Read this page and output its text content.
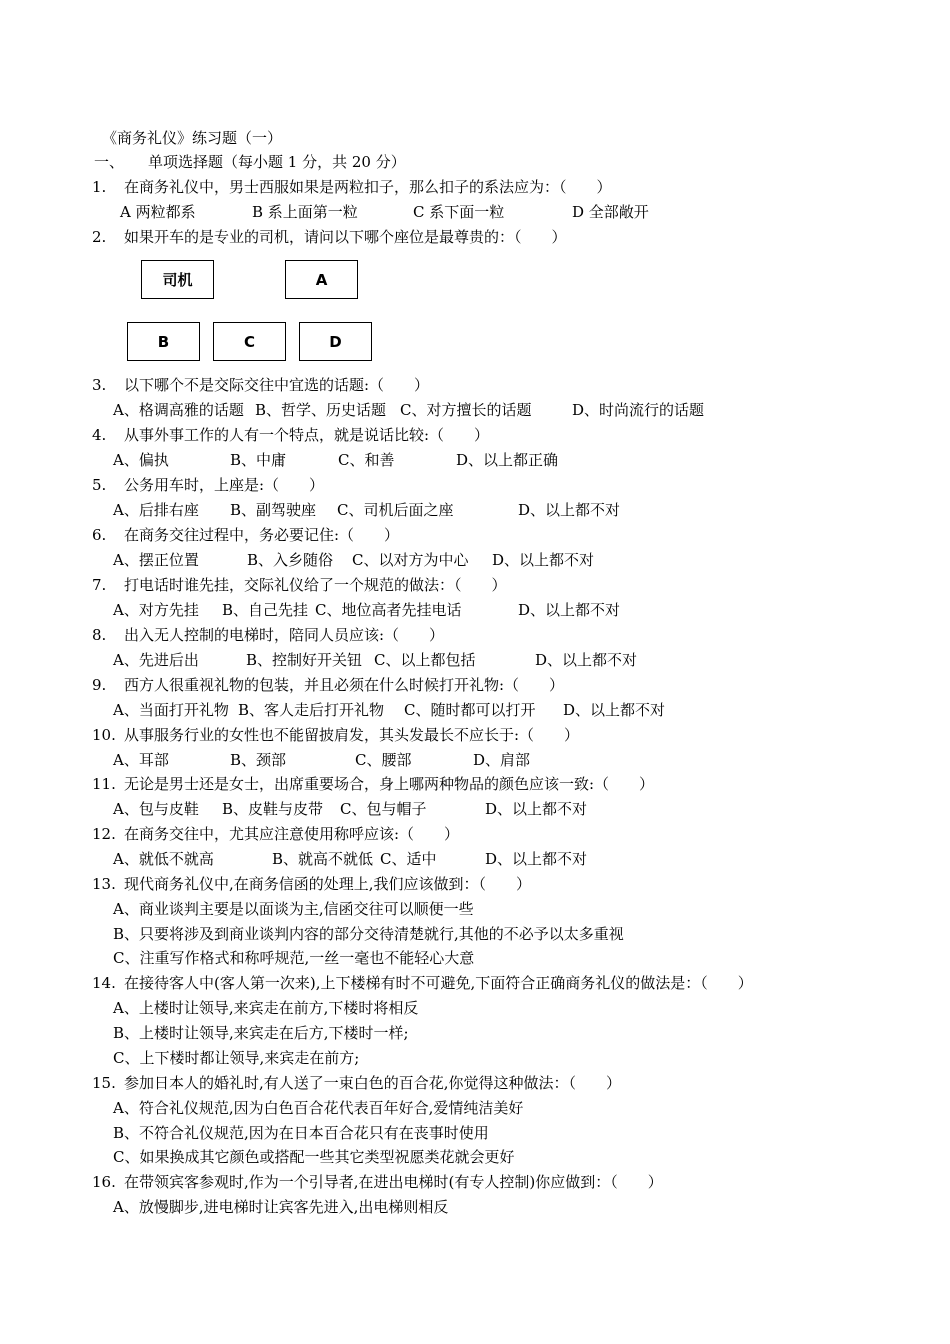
《商务礼仪》练习题（一）
一、 单项选择题（每小题 1 分，共 20 分）
1. 在商务礼仪中，男士西服如果是两粒扣子，那么扣子的系法应为：（　　）
A 两粒都系	B 系上面第一粒	C 系下面一粒	D 全部敞开
2. 如果开车的是专业的司机，请问以下哪个座位是最尊贵的：（　　）
司机	A
B	C	D
3. 以下哪个不是交际交往中宜选的话题:（　　）
A、格调高雅的话题 B、哲学、历史话题 C、对方擅长的话题	D、时尚流行的话题
4. 从事外事工作的人有一个特点，就是说话比较:（　　）
A、偏执	B、中庸	C、和善	D、以上都正确
5. 公务用车时，上座是:（　　）
A、后排右座 B、副驾驶座 C、司机后面之座	D、以上都不对
6. 在商务交往过程中，务必要记住:（　　）
A、摆正位置	B、入乡随俗 C、以对方为中心 D、以上都不对
7. 打电话时谁先挂，交际礼仪给了一个规范的做法：（　　）
A、对方先挂 B、自己先挂 C、地位高者先挂电话	D、以上都不对
8. 出入无人控制的电梯时，陪同人员应该:（　　）
A、先进后出	B、控制好开关钮 C、以上都包括	D、以上都不对
9. 西方人很重视礼物的包装，并且必须在什么时候打开礼物:（　　）
A、当面打开礼物 B、客人走后打开礼物 C、随时都可以打开 D、以上都不对
10. 从事服务行业的女性也不能留披肩发，其头发最长不应长于:（　　）
A、耳部	B、颈部	C、腰部	D、肩部
11. 无论是男士还是女士，出席重要场合，身上哪两种物品的颜色应该一致:（　　）
A、包与皮鞋 B、皮鞋与皮带 C、包与帽子	D、以上都不对
12. 在商务交往中，尤其应注意使用称呼应该:（　　）
A、就低不就高	B、就高不就低 C、适中	D、以上都不对
13. 现代商务礼仪中,在商务信函的处理上,我们应该做到：（　　）
A、商业谈判主要是以面谈为主,信函交往可以顺便一些
B、只要将涉及到商业谈判内容的部分交待清楚就行,其他的不必予以太多重视
C、注重写作格式和称呼规范,一丝一毫也不能轻心大意
14. 在接待客人中(客人第一次来),上下楼梯有时不可避免,下面符合正确商务礼仪的做法是：（　　）
A、上楼时让领导,来宾走在前方,下楼时将相反
B、上楼时让领导,来宾走在后方,下楼时一样;
C、上下楼时都让领导,来宾走在前方;
15. 参加日本人的婚礼时,有人送了一束白色的百合花,你觉得这种做法：（　　）
A、符合礼仪规范,因为白色百合花代表百年好合,爱情纯洁美好
B、不符合礼仪规范,因为在日本百合花只有在丧事时使用
C、如果换成其它颜色或搭配一些其它类型祝愿类花就会更好
16. 在带领宾客参观时,作为一个引导者,在进出电梯时(有专人控制)你应做到：（　　）
A、放慢脚步,进电梯时让宾客先进入,出电梯则相反
